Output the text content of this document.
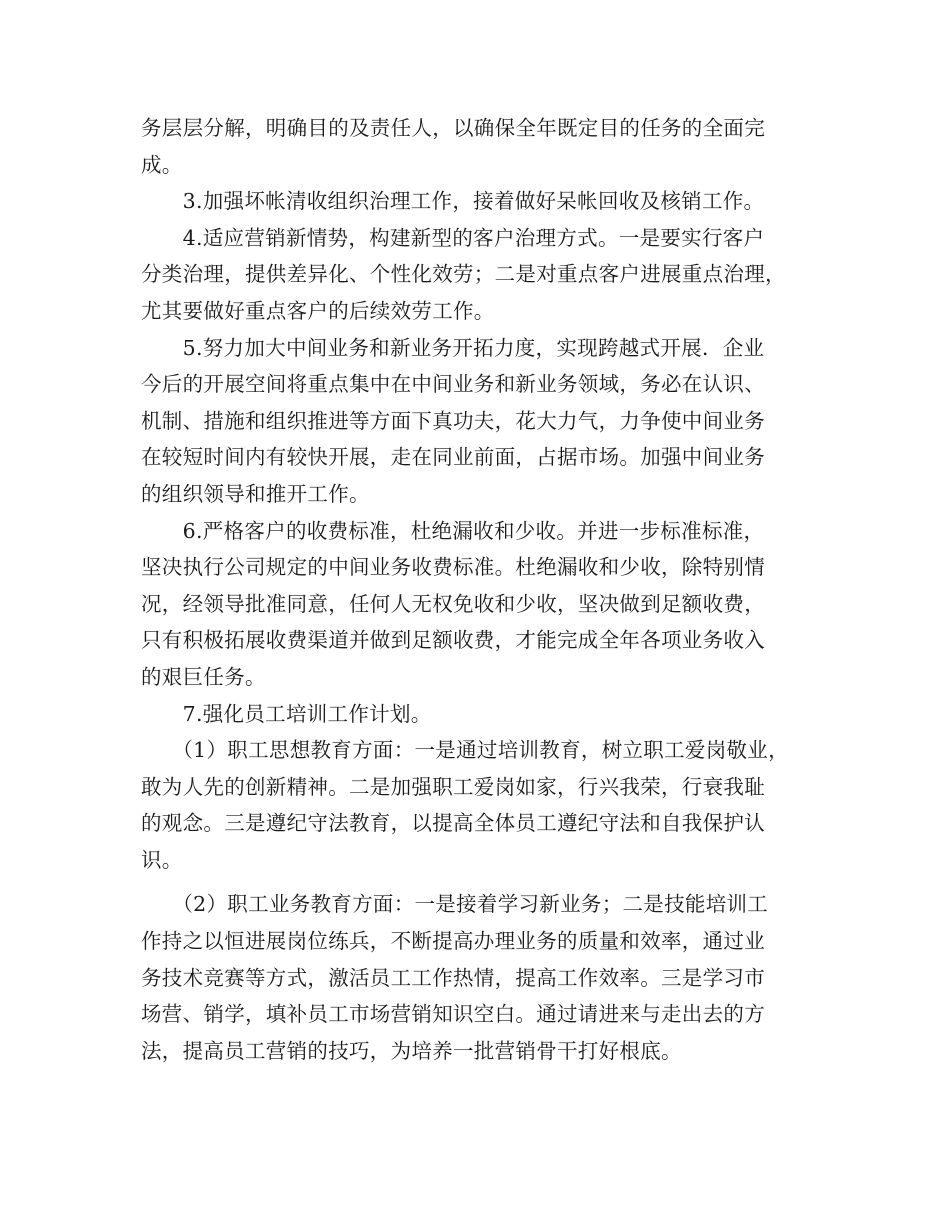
务层层分解，明确目的及责任人，以确保全年既定目的任务的全面完
成。

　　3.加强坏帐清收组织治理工作，接着做好呆帐回收及核销工作。

　　4.适应营销新情势，构建新型的客户治理方式。一是要实行客户
分类治理，提供差异化、个性化效劳；二是对重点客户进展重点治理，
尤其要做好重点客户的后续效劳工作。

　　5.努力加大中间业务和新业务开拓力度，实现跨越式开展．企业
今后的开展空间将重点集中在中间业务和新业务领域，务必在认识、
机制、措施和组织推进等方面下真功夫，花大力气，力争使中间业务
在较短时间内有较快开展，走在同业前面，占据市场。加强中间业务
的组织领导和推开工作。

　　6.严格客户的收费标准，杜绝漏收和少收。并进一步标准标准，
坚决执行公司规定的中间业务收费标准。杜绝漏收和少收，除特别情
况，经领导批准同意，任何人无权免收和少收，坚决做到足额收费，
只有积极拓展收费渠道并做到足额收费，才能完成全年各项业务收入
的艰巨任务。

　　7.强化员工培训工作计划。

　　（1）职工思想教育方面：一是通过培训教育，树立职工爱岗敬业，
敢为人先的创新精神。二是加强职工爱岗如家，行兴我荣，行衰我耻
的观念。三是遵纪守法教育，以提高全体员工遵纪守法和自我保护认
识。

　　（2）职工业务教育方面：一是接着学习新业务；二是技能培训工
作持之以恒进展岗位练兵，不断提高办理业务的质量和效率，通过业
务技术竞赛等方式，激活员工工作热情，提高工作效率。三是学习市
场营、销学，填补员工市场营销知识空白。通过请进来与走出去的方
法，提高员工营销的技巧，为培养一批营销骨干打好根底。
